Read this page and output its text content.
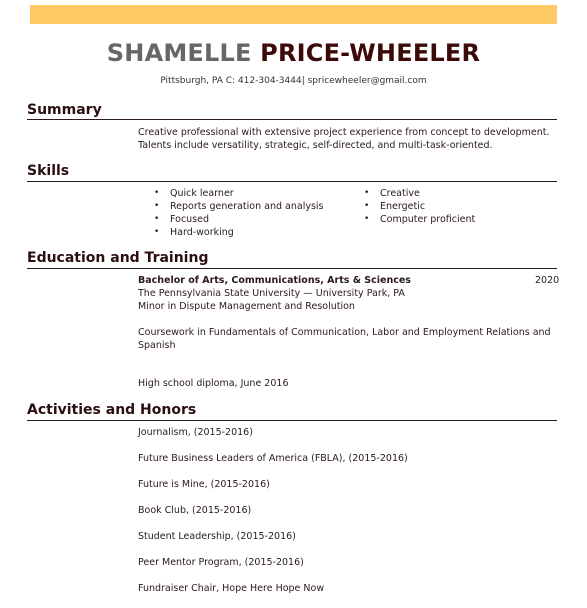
SHAMELLE PRICE-WHEELER
Pittsburgh, PA C: 412-304-3444| spricewheeler@gmail.com
Summary
Creative professional with extensive project experience from concept to development.
Talents include versatility, strategic, self-directed, and multi-task-oriented.
Skills
• Quick learner
• Reports generation and analysis
• Focused
• Hard-working
• Creative
• Energetic
• Computer proficient
Education and Training
Bachelor of Arts, Communications, Arts & Sciences	2020
The Pennsylvania State University — University Park, PA
Minor in Dispute Management and Resolution
Coursework in Fundamentals of Communication, Labor and Employment Relations and
Spanish
High school diploma, June 2016
Activities and Honors
Journalism, (2015-2016)
Future Business Leaders of America (FBLA), (2015-2016)
Future is Mine, (2015-2016)
Book Club, (2015-2016)
Student Leadership, (2015-2016)
Peer Mentor Program, (2015-2016)
Fundraiser Chair, Hope Here Hope Now
